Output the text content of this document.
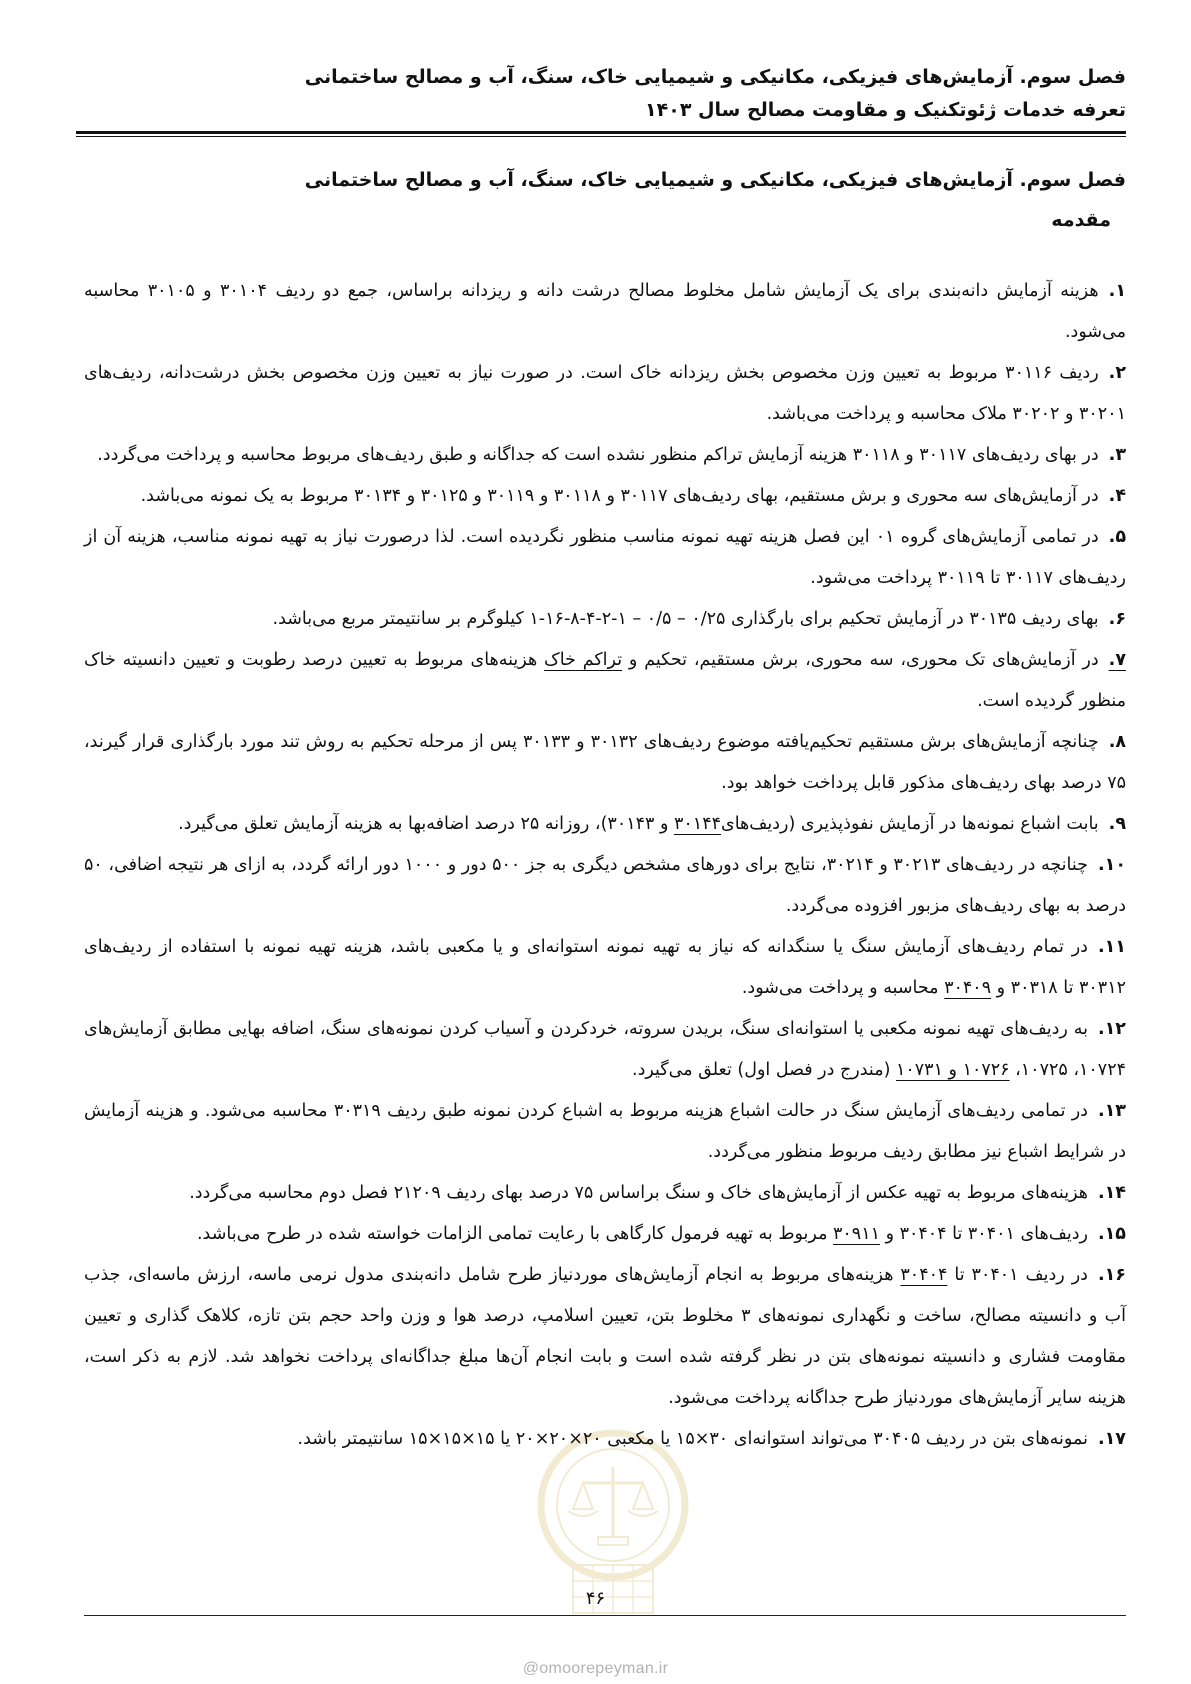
فصل سوم. آزمایش‌های فیزیکی، مکانیکی و شیمیایی خاک، سنگ، آب و مصالح ساختمانی
تعرفه خدمات ژئوتکنیک و مقاومت مصالح سال ۱۴۰۳
فصل سوم. آزمایش‌های فیزیکی، مکانیکی و شیمیایی خاک، سنگ، آب و مصالح ساختمانی
مقدمه
۱.هزینه آزمایش دانه‌بندی برای یک آزمایش شامل مخلوط مصالح درشت دانه و ریزدانه براساس، جمع دو ردیف ۳۰۱۰۴ و ۳۰۱۰۵ محاسبه می‌شود.
۲.ردیف ۳۰۱۱۶ مربوط به تعیین وزن مخصوص بخش ریزدانه خاک است. در صورت نیاز به تعیین وزن مخصوص بخش درشت‌دانه، ردیف‌های ۳۰۲۰۱ و ۳۰۲۰۲ ملاک محاسبه و پرداخت می‌باشد.
۳.در بهای ردیف‌های ۳۰۱۱۷ و ۳۰۱۱۸ هزینه آزمایش تراکم منظور نشده است که جداگانه و طبق ردیف‌های مربوط محاسبه و پرداخت می‌گردد.
۴.در آزمایش‌های سه محوری و برش مستقیم، بهای ردیف‌های ۳۰۱۱۷ و ۳۰۱۱۸ و ۳۰۱۱۹ و ۳۰۱۲۵ و ۳۰۱۳۴ مربوط به یک نمونه می‌باشد.
۵.در تمامی آزمایش‌های گروه ۰۱ این فصل هزینه تهیه نمونه مناسب منظور نگردیده است. لذا درصورت نیاز به تهیه نمونه مناسب، هزینه آن از ردیف‌های ۳۰۱۱۷ تا ۳۰۱۱۹ پرداخت می‌شود.
۶.بهای ردیف ۳۰۱۳۵ در آزمایش تحکیم برای بارگذاری ۰/۲۵ – ۰/۵ – ۱-۲-۴-۸-۱۶-۱ کیلوگرم بر سانتیمتر مربع می‌باشد.
۷.در آزمایش‌های تک محوری، سه محوری، برش مستقیم، تحکیم و تراکم خاک هزینه‌های مربوط به تعیین درصد رطوبت و تعیین دانسیته خاک منظور گردیده است.
۸.چنانچه آزمایش‌های برش مستقیم تحکیم‌یافته موضوع ردیف‌های ۳۰۱۳۲ و ۳۰۱۳۳ پس از مرحله تحکیم به روش تند مورد بارگذاری قرار گیرند، ۷۵ درصد بهای ردیف‌های مذکور قابل پرداخت خواهد بود.
۹.بابت اشباع نمونه‌ها در آزمایش نفوذپذیری (ردیف‌های۳۰۱۴۴ و ۳۰۱۴۳)، روزانه ۲۵ درصد اضافه‌بها به هزینه آزمایش تعلق می‌گیرد.
۱۰.چنانچه در ردیف‌های ۳۰۲۱۳ و ۳۰۲۱۴، نتایج برای دورهای مشخص دیگری به جز ۵۰۰ دور و ۱۰۰۰ دور ارائه گردد، به ازای هر نتیجه اضافی، ۵۰ درصد به بهای ردیف‌های مزبور افزوده می‌گردد.
۱۱.در تمام ردیف‌های آزمایش سنگ یا سنگدانه که نیاز به تهیه نمونه استوانه‌ای و یا مکعبی باشد، هزینه تهیه نمونه با استفاده از ردیف‌های ۳۰۳۱۲ تا ۳۰۳۱۸ و ۳۰۴۰۹ محاسبه و پرداخت می‌شود.
۱۲.به ردیف‌های تهیه نمونه مکعبی یا استوانه‌ای سنگ، بریدن سروته، خردکردن و آسیاب کردن نمونه‌های سنگ، اضافه بهایی مطابق آزمایش‌های ۱۰۷۲۴، ۱۰۷۲۵، ۱۰۷۲۶ و ۱۰۷۳۱ (مندرج در فصل اول) تعلق می‌گیرد.
۱۳.در تمامی ردیف‌های آزمایش سنگ در حالت اشباع هزینه مربوط به اشباع کردن نمونه طبق ردیف ۳۰۳۱۹ محاسبه می‌شود. و هزینه آزمایش در شرایط اشباع نیز مطابق ردیف مربوط منظور می‌گردد.
۱۴.هزینه‌های مربوط به تهیه عکس از آزمایش‌های خاک و سنگ براساس ۷۵ درصد بهای ردیف ۲۱۲۰۹ فصل دوم محاسبه می‌گردد.
۱۵.ردیف‌های ۳۰۴۰۱ تا ۳۰۴۰۴ و ۳۰۹۱۱ مربوط به تهیه فرمول کارگاهی با رعایت تمامی الزامات خواسته شده در طرح می‌باشد.
۱۶.در ردیف ۳۰۴۰۱ تا ۳۰۴۰۴ هزینه‌های مربوط به انجام آزمایش‌های موردنیاز طرح شامل دانه‌بندی مدول نرمی ماسه، ارزش ماسه‌ای، جذب آب و دانسیته مصالح، ساخت و نگهداری نمونه‌های ۳ مخلوط بتن، تعیین اسلامپ، درصد هوا و وزن واحد حجم بتن تازه، کلاهک گذاری و تعیین مقاومت فشاری و دانسیته نمونه‌های بتن در نظر گرفته شده است و بابت انجام آن‌ها مبلغ جداگانه‌ای پرداخت نخواهد شد. لازم به ذکر است، هزینه سایر آزمایش‌های موردنیاز طرح جداگانه پرداخت می‌شود.
۱۷.نمونه‌های بتن در ردیف ۳۰۴۰۵ می‌تواند استوانه‌ای ۳۰×۱۵ یا مکعبی ۲۰×۲۰×۲۰ یا ۱۵×۱۵×۱۵ سانتیمتر باشد.
۴۶
@omoorepeyman.ir
